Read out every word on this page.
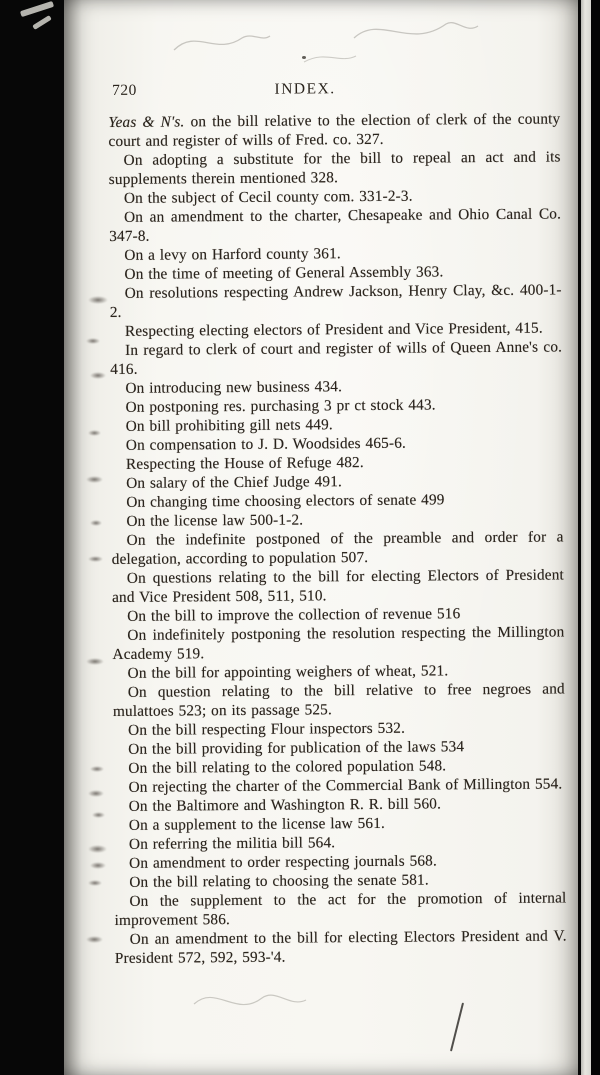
720	INDEX.

Yeas & N's. on the bill relative to the election of clerk of the county court and register of wills of Fred. co. 327.

On adopting a substitute for the bill to repeal an act and its supplements therein mentioned 328.

On the subject of Cecil county com. 331-2-3.

On an amendment to the charter, Chesapeake and Ohio Canal Co. 347-8.

On a levy on Harford county 361.

On the time of meeting of General Assembly 363.

On resolutions respecting Andrew Jackson, Henry Clay, &c. 400-1-2.

Respecting electing electors of President and Vice President, 415.

In regard to clerk of court and register of wills of Queen Anne's co. 416.

On introducing new business 434.

On postponing res. purchasing 3 pr ct stock 443.

On bill prohibiting gill nets 449.

On compensation to J. D. Woodsides 465-6.

Respecting the House of Refuge 482.

On salary of the Chief Judge 491.

On changing time choosing electors of senate 499

On the license law 500-1-2.

On the indefinite postponed of the preamble and order for a delegation, according to population 507.

On questions relating to the bill for electing Electors of President and Vice President 508, 511, 510.

On the bill to improve the collection of revenue 516

On indefinitely postponing the resolution respecting the Millington Academy 519.

On the bill for appointing weighers of wheat, 521.

On question relating to the bill relative to free negroes and mulattoes 523; on its passage 525.

On the bill respecting Flour inspectors 532.

On the bill providing for publication of the laws 534

On the bill relating to the colored population 548.

On rejecting the charter of the Commercial Bank of Millington 554.

On the Baltimore and Washington R. R. bill 560.

On a supplement to the license law 561.

On referring the militia bill 564.

On amendment to order respecting journals 568.

On the bill relating to choosing the senate 581.

On the supplement to the act for the promotion of internal improvement 586.

On an amendment to the bill for electing Electors President and V. President 572, 592, 593-'4.
